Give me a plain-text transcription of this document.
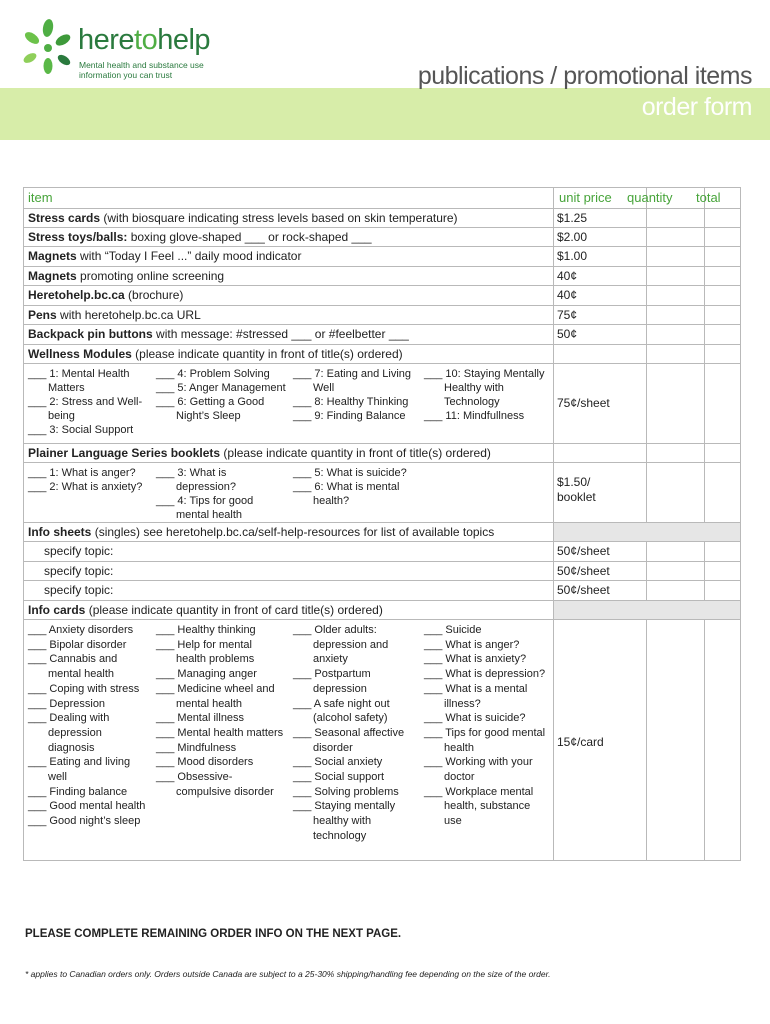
heretohelp
Mental health and substance use
information you can trust	publications / promotional items
order form
item	unit price quantity total
Stress cards (with biosquare indicating stress levels based on skin temperature)	$1.25
Stress toys/balls: boxing glove-shaped ___ or rock-shaped ___	$2.00
Magnets with “Today I Feel ...” daily mood indicator	$1.00
Magnets promoting online screening	40¢
Heretohelp.bc.ca (brochure)	40¢
Pens with heretohelp.bc.ca URL	75¢
Backpack pin buttons with message: #stressed ___ or #feelbetter ___	50¢
Wellness Modules (please indicate quantity in front of title(s) ordered)
___ 1: Mental Health Matters
___ 2: Stress and Well-being
___ 3: Social Support
___ 4: Problem Solving
___ 5: Anger Management
___ 6: Getting a Good Night’s Sleep
___ 7: Eating and Living Well
___ 8: Healthy Thinking
___ 9: Finding Balance
___ 10: Staying Mentally Healthy with Technology
___ 11: Mindfullness
75¢/sheet
Plainer Language Series booklets (please indicate quantity in front of title(s) ordered)
___ 1: What is anger?
___ 2: What is anxiety?
___ 3: What is depression?
___ 4: Tips for good mental health
___ 5: What is suicide?
___ 6: What is mental health?
$1.50/ booklet
Info sheets (singles) see heretohelp.bc.ca/self-help-resources for list of available topics
specify topic:	50¢/sheet
specify topic:	50¢/sheet
specify topic:	50¢/sheet
Info cards (please indicate quantity in front of card title(s) ordered)
___ Anxiety disorders
___ Bipolar disorder
___ Cannabis and mental health
___ Coping with stress
___ Depression
___ Dealing with depression diagnosis
___ Eating and living well
___ Finding balance
___ Good mental health
___ Good night’s sleep
___ Healthy thinking
___ Help for mental health problems
___ Managing anger
___ Medicine wheel and mental health
___ Mental illness
___ Mental health matters
___ Mindfulness
___ Mood disorders
___ Obsessive-compulsive disorder
___ Older adults: depression and anxiety
___ Postpartum depression
___ A safe night out (alcohol safety)
___ Seasonal affective disorder
___ Social anxiety
___ Social support
___ Solving problems
___ Staying mentally healthy with technology
___ Suicide
___ What is anger?
___ What is anxiety?
___ What is depression?
___ What is a mental illness?
___ What is suicide?
___ Tips for good mental health
___ Working with your doctor
___ Workplace mental health, substance use
15¢/card
PLEASE COMPLETE REMAINING ORDER INFO ON THE NEXT PAGE.
* applies to Canadian orders only. Orders outside Canada are subject to a 25-30% shipping/handling fee depending on the size of the order.
